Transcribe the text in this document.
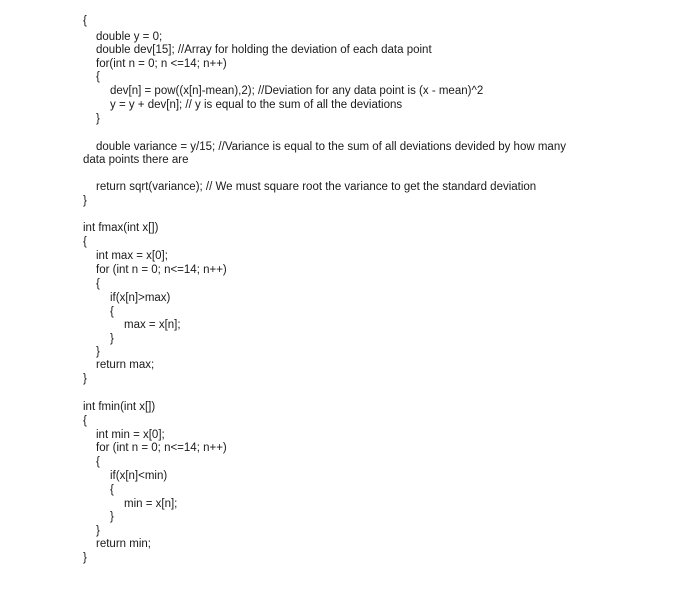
{

double y = 0;

double dev[15]; //Array for holding the deviation of each data point

for(int n = 0; n <=14; n++)

{

dev[n] = pow((x[n]-mean),2); //Deviation for any data point is (x - mean)^2

y = y + dev[n]; // y is equal to the sum of all the deviations

}

double variance = y/15; //Variance is equal to the sum of all deviations devided by how many

data points there are

return sqrt(variance); // We must square root the variance to get the standard deviation

}

int fmax(int x[])

{

int max = x[0];

for (int n = 0; n<=14; n++)

{

if(x[n]>max)

{

max = x[n];

}

}

return max;

}

int fmin(int x[])

{

int min = x[0];

for (int n = 0; n<=14; n++)

{

if(x[n]<min)

{

min = x[n];

}

}

return min;

}
